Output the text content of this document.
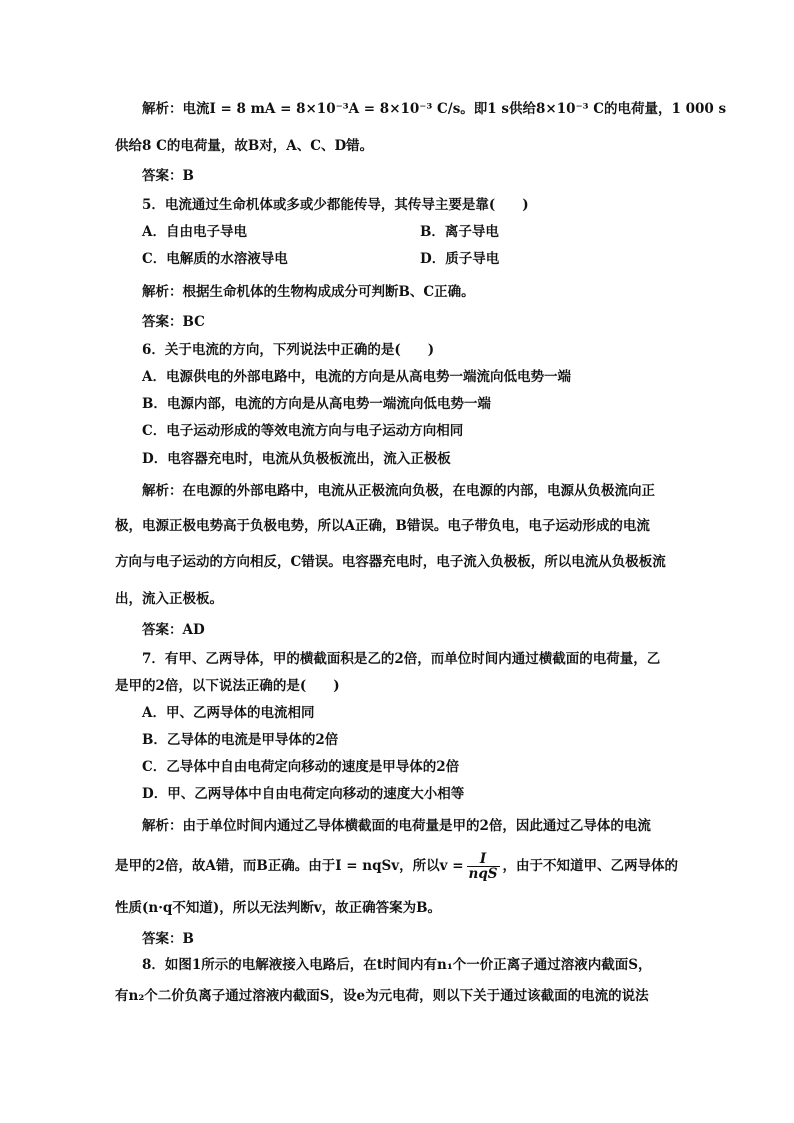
解析：电流I = 8 mA = 8×10⁻³A = 8×10⁻³ C/s。即1 s供给8×10⁻³ C的电荷量，1 000 s
供给8 C的电荷量，故B对，A、C、D错。
答案：B
5．电流通过生命机体或多或少都能传导，其传导主要是靠(　　)
A．自由电子导电	B．离子导电
C．电解质的水溶液导电	D．质子导电
解析：根据生命机体的生物构成成分可判断B、C正确。
答案：BC
6．关于电流的方向，下列说法中正确的是(　　)
A．电源供电的外部电路中，电流的方向是从高电势一端流向低电势一端
B．电源内部，电流的方向是从高电势一端流向低电势一端
C．电子运动形成的等效电流方向与电子运动方向相同
D．电容器充电时，电流从负极板流出，流入正极板
解析：在电源的外部电路中，电流从正极流向负极，在电源的内部，电源从负极流向正
极，电源正极电势高于负极电势，所以A正确，B错误。电子带负电，电子运动形成的电流
方向与电子运动的方向相反，C错误。电容器充电时，电子流入负极板，所以电流从负极板流
出，流入正极板。
答案：AD
7．有甲、乙两导体，甲的横截面积是乙的2倍，而单位时间内通过横截面的电荷量，乙
是甲的2倍，以下说法正确的是(　　)
A．甲、乙两导体的电流相同
B．乙导体的电流是甲导体的2倍
C．乙导体中自由电荷定向移动的速度是甲导体的2倍
D．甲、乙两导体中自由电荷定向移动的速度大小相等
解析：由于单位时间内通过乙导体横截面的电荷量是甲的2倍，因此通过乙导体的电流
是甲的2倍，故A错，而B正确。由于I = nqSv，所以$v = \frac{I}{\text{nqS}}$ ，由于不知道甲、乙两导体的
性质(n·q不知道)，所以无法判断v，故正确答案为B。
答案：B
8．如图1所示的电解液接入电路后，在t时间内有n₁个一价正离子通过溶液内截面S，
有n₂个二价负离子通过溶液内截面S，设e为元电荷，则以下关于通过该截面的电流的说法
